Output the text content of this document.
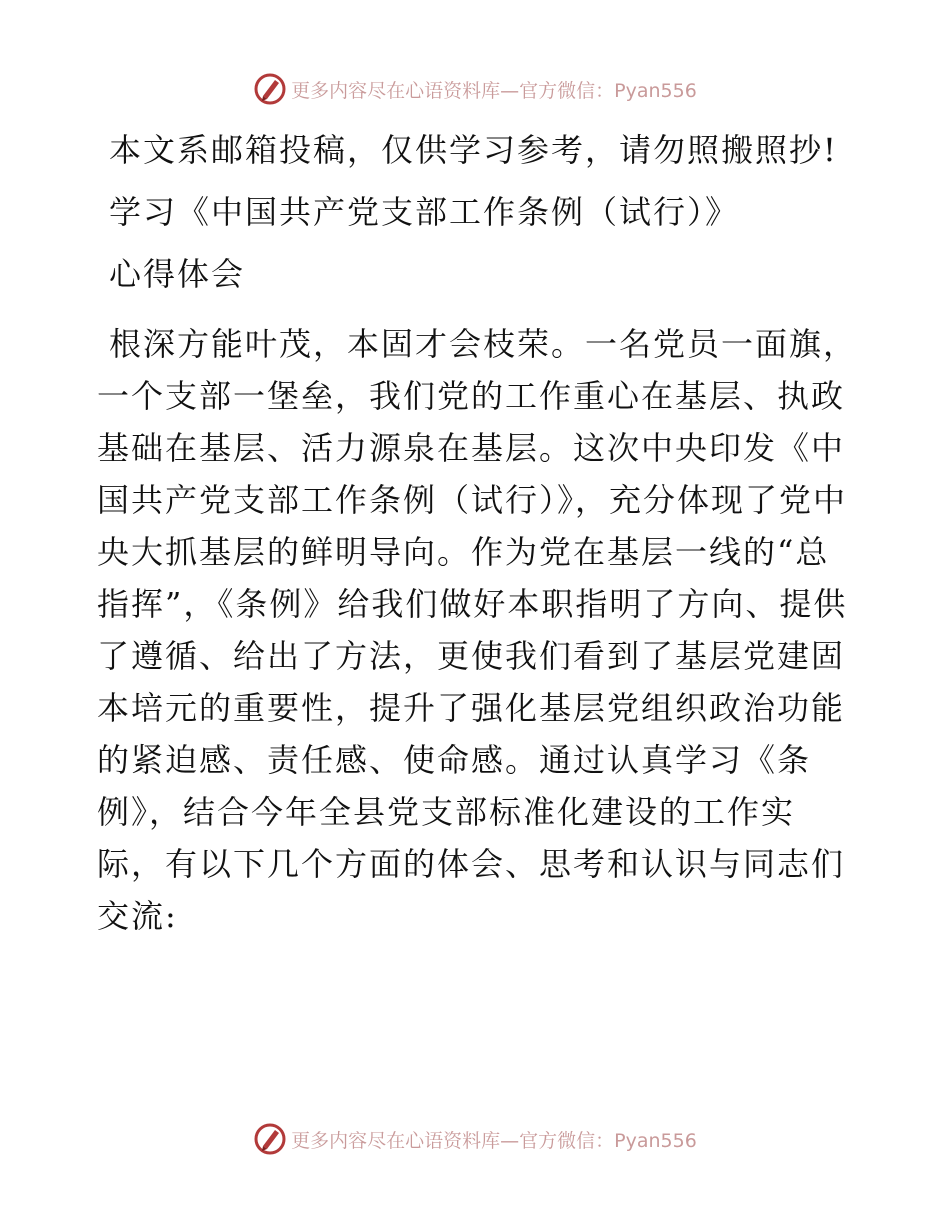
更多内容尽在心语资料库—官方微信：Pyan556

本文系邮箱投稿，仅供学习参考，请勿照搬照抄!

学习《中国共产党支部工作条例（试行）》

心得体会

根深方能叶茂，本固才会枝荣。一名党员一面旗，一个支部一堡垒，我们党的工作重心在基层、执政基础在基层、活力源泉在基层。这次中央印发《中国共产党支部工作条例（试行）》，充分体现了党中央大抓基层的鲜明导向。作为党在基层一线的“总指挥”，《条例》给我们做好本职指明了方向、提供了遵循、给出了方法，更使我们看到了基层党建固本培元的重要性，提升了强化基层党组织政治功能的紧迫感、责任感、使命感。通过认真学习《条例》，结合今年全县党支部标准化建设的工作实际，有以下几个方面的体会、思考和认识与同志们交流:

更多内容尽在心语资料库—官方微信：Pyan556
